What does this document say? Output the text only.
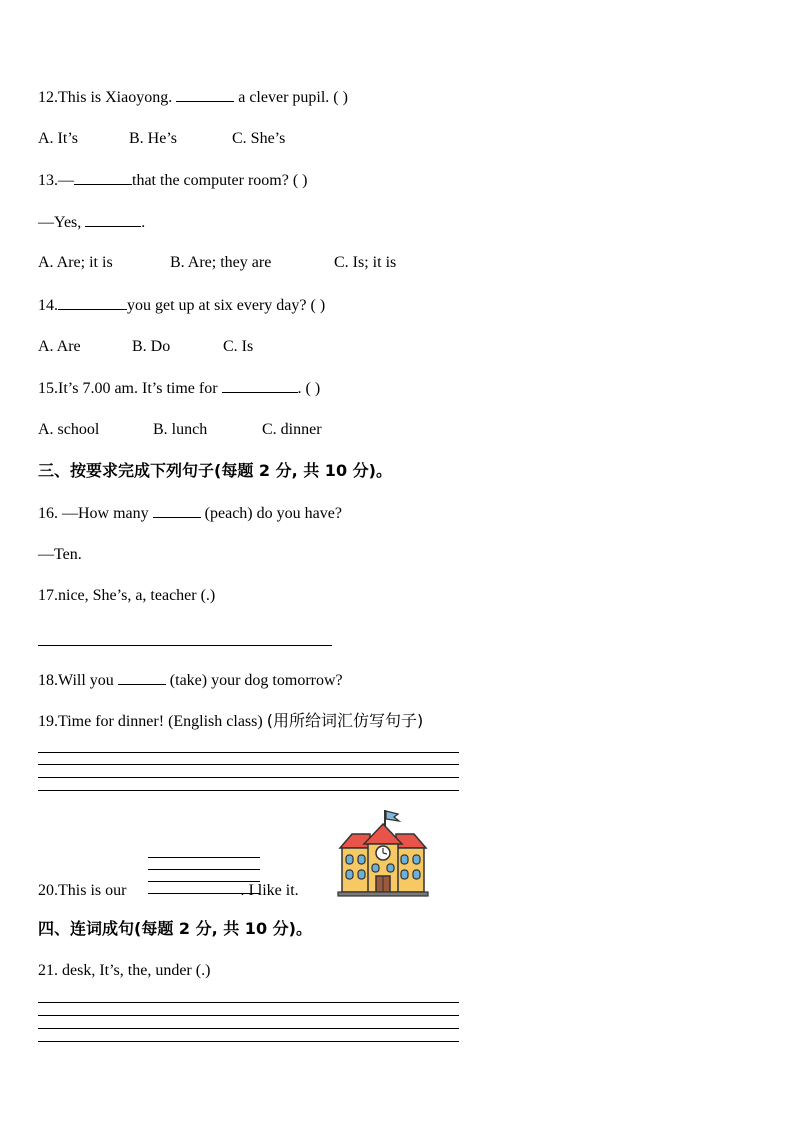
12.This is Xiaoyong.	a clever pupil. ( )
A. It’s	B. He’s	C. She’s
13.—	that the computer room? ( )
—Yes,	.
A. Are; it is	B. Are; they are	C. Is; it is
14.	you get up at six every day? ( )
A. Are	B. Do	C. Is
15.It’s 7.00 am. It’s time for	. ( )
A. school	B. lunch	C. dinner
三、按要求完成下列句子(每题 2 分, 共 10 分)。
16. —How many	(peach) do you have?
—Ten.
17.nice, She’s, a, teacher (.)
18.Will you	(take) your dog tomorrow?
19.Time for dinner! (English class) (用所给词汇仿写句子)
20.This is our	. I like it.
四、连词成句(每题 2 分, 共 10 分)。
21. desk, It’s, the, under (.)
